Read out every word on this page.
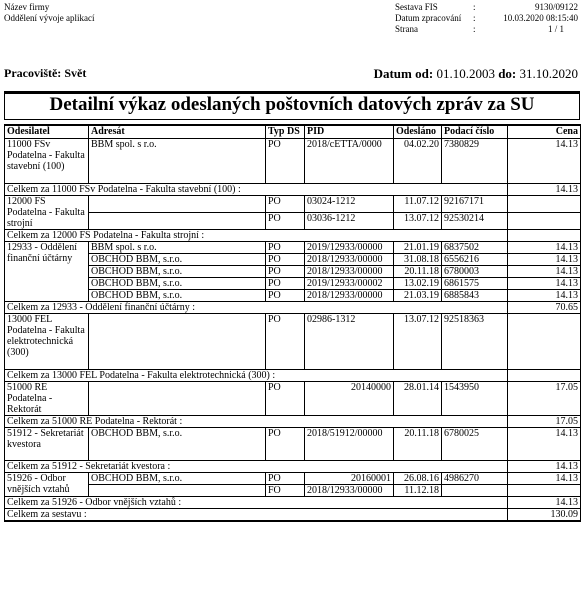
Název firmy
Oddělení vývoje aplikací
Sestava FIS	:	9130/09122
Datum zpracování :	10.03.2020 08:15:40
Strana	:	1 / 1
Pracoviště: Svět	Datum od: 01.10.2003 do: 31.10.2020
Detailní výkaz odeslaných poštovních datových zpráv za SU
Odesilatel	Adresát	Typ DS	PID	Odesláno	Podací číslo	Cena
11000 FSv Podatelna - Fakulta stavební (100)	BBM spol. s r.o.	PO	2018/cETTA/0000	04.02.20	7380829	14.13
Celkem za 11000 FSv Podatelna - Fakulta stavební (100) :						14.13
12000 FS Podatelna - Fakulta strojní		PO	03024-1212	11.07.12	92167171	
		PO	03036-1212	13.07.12	92530214	
Celkem za 12000 FS Podatelna - Fakulta strojní :						
12933 - Oddělení finanční účtárny	BBM spol. s r.o.	PO	2019/12933/00000	21.01.19	6837502	14.13
	OBCHOD BBM, s.r.o.	PO	2018/12933/00000	31.08.18	6556216	14.13
	OBCHOD BBM, s.r.o.	PO	2018/12933/00000	20.11.18	6780003	14.13
	OBCHOD BBM, s.r.o.	PO	2019/12933/00002	13.02.19	6861575	14.13
	OBCHOD BBM, s.r.o.	PO	2018/12933/00000	21.03.19	6885843	14.13
Celkem za 12933 - Oddělení finanční účtárny :						70.65
13000 FEL Podatelna - Fakulta elektrotechnická (300)		PO	02986-1312	13.07.12	92518363	
Celkem za 13000 FEL Podatelna - Fakulta elektrotechnická (300) :						
51000 RE Podatelna - Rektorát		PO	20140000	28.01.14	1543950	17.05
Celkem za 51000 RE Podatelna - Rektorát :						17.05
51912 - Sekretariát kvestora	OBCHOD BBM, s.r.o.	PO	2018/51912/00000	20.11.18	6780025	14.13
Celkem za 51912 - Sekretariát kvestora :						14.13
51926 - Odbor vnějších vztahů	OBCHOD BBM, s.r.o.	PO	20160001	26.08.16	4986270	14.13
		FO	2018/12933/00000	11.12.18		
Celkem za 51926 - Odbor vnějších vztahů :						14.13
Celkem za sestavu :						130.09
